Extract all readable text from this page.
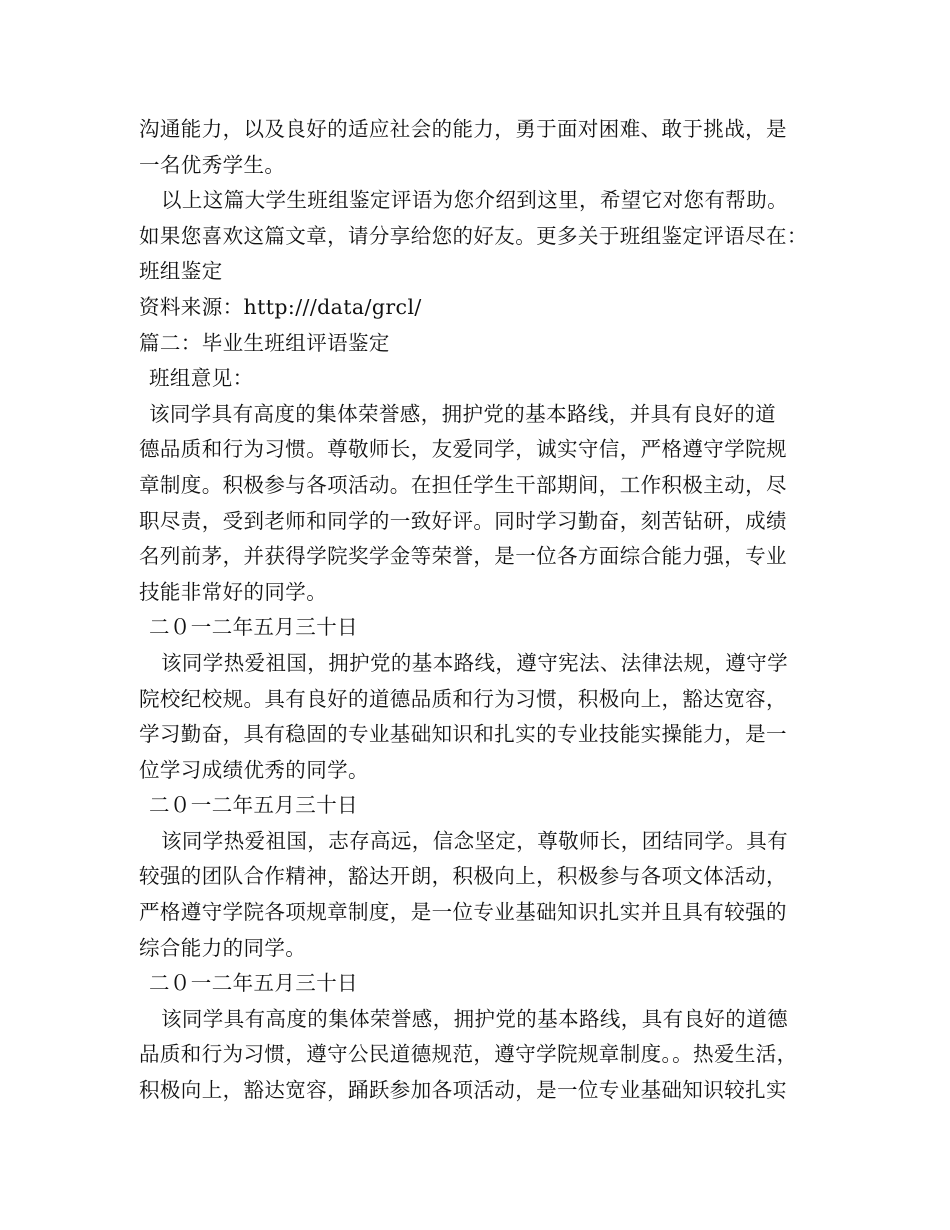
沟通能力，以及良好的适应社会的能力，勇于面对困难、敢于挑战，是
一名优秀学生。
以上这篇大学生班组鉴定评语为您介绍到这里，希望它对您有帮助。
如果您喜欢这篇文章，请分享给您的好友。更多关于班组鉴定评语尽在：
班组鉴定
资料来源：http:///data/grcl/
篇二：毕业生班组评语鉴定
班组意见：
该同学具有高度的集体荣誉感，拥护党的基本路线，并具有良好的道
德品质和行为习惯。尊敬师长，友爱同学，诚实守信，严格遵守学院规
章制度。积极参与各项活动。在担任学生干部期间，工作积极主动，尽
职尽责，受到老师和同学的一致好评。同时学习勤奋，刻苦钻研，成绩
名列前茅，并获得学院奖学金等荣誉，是一位各方面综合能力强，专业
技能非常好的同学。
二０一二年五月三十日
该同学热爱祖国，拥护党的基本路线，遵守宪法、法律法规，遵守学
院校纪校规。具有良好的道德品质和行为习惯，积极向上，豁达宽容，
学习勤奋，具有稳固的专业基础知识和扎实的专业技能实操能力，是一
位学习成绩优秀的同学。
二０一二年五月三十日
该同学热爱祖国，志存高远，信念坚定，尊敬师长，团结同学。具有
较强的团队合作精神，豁达开朗，积极向上，积极参与各项文体活动，
严格遵守学院各项规章制度，是一位专业基础知识扎实并且具有较强的
综合能力的同学。
二０一二年五月三十日
该同学具有高度的集体荣誉感，拥护党的基本路线，具有良好的道德
品质和行为习惯，遵守公民道德规范，遵守学院规章制度。。热爱生活，
积极向上，豁达宽容，踊跃参加各项活动，是一位专业基础知识较扎实
